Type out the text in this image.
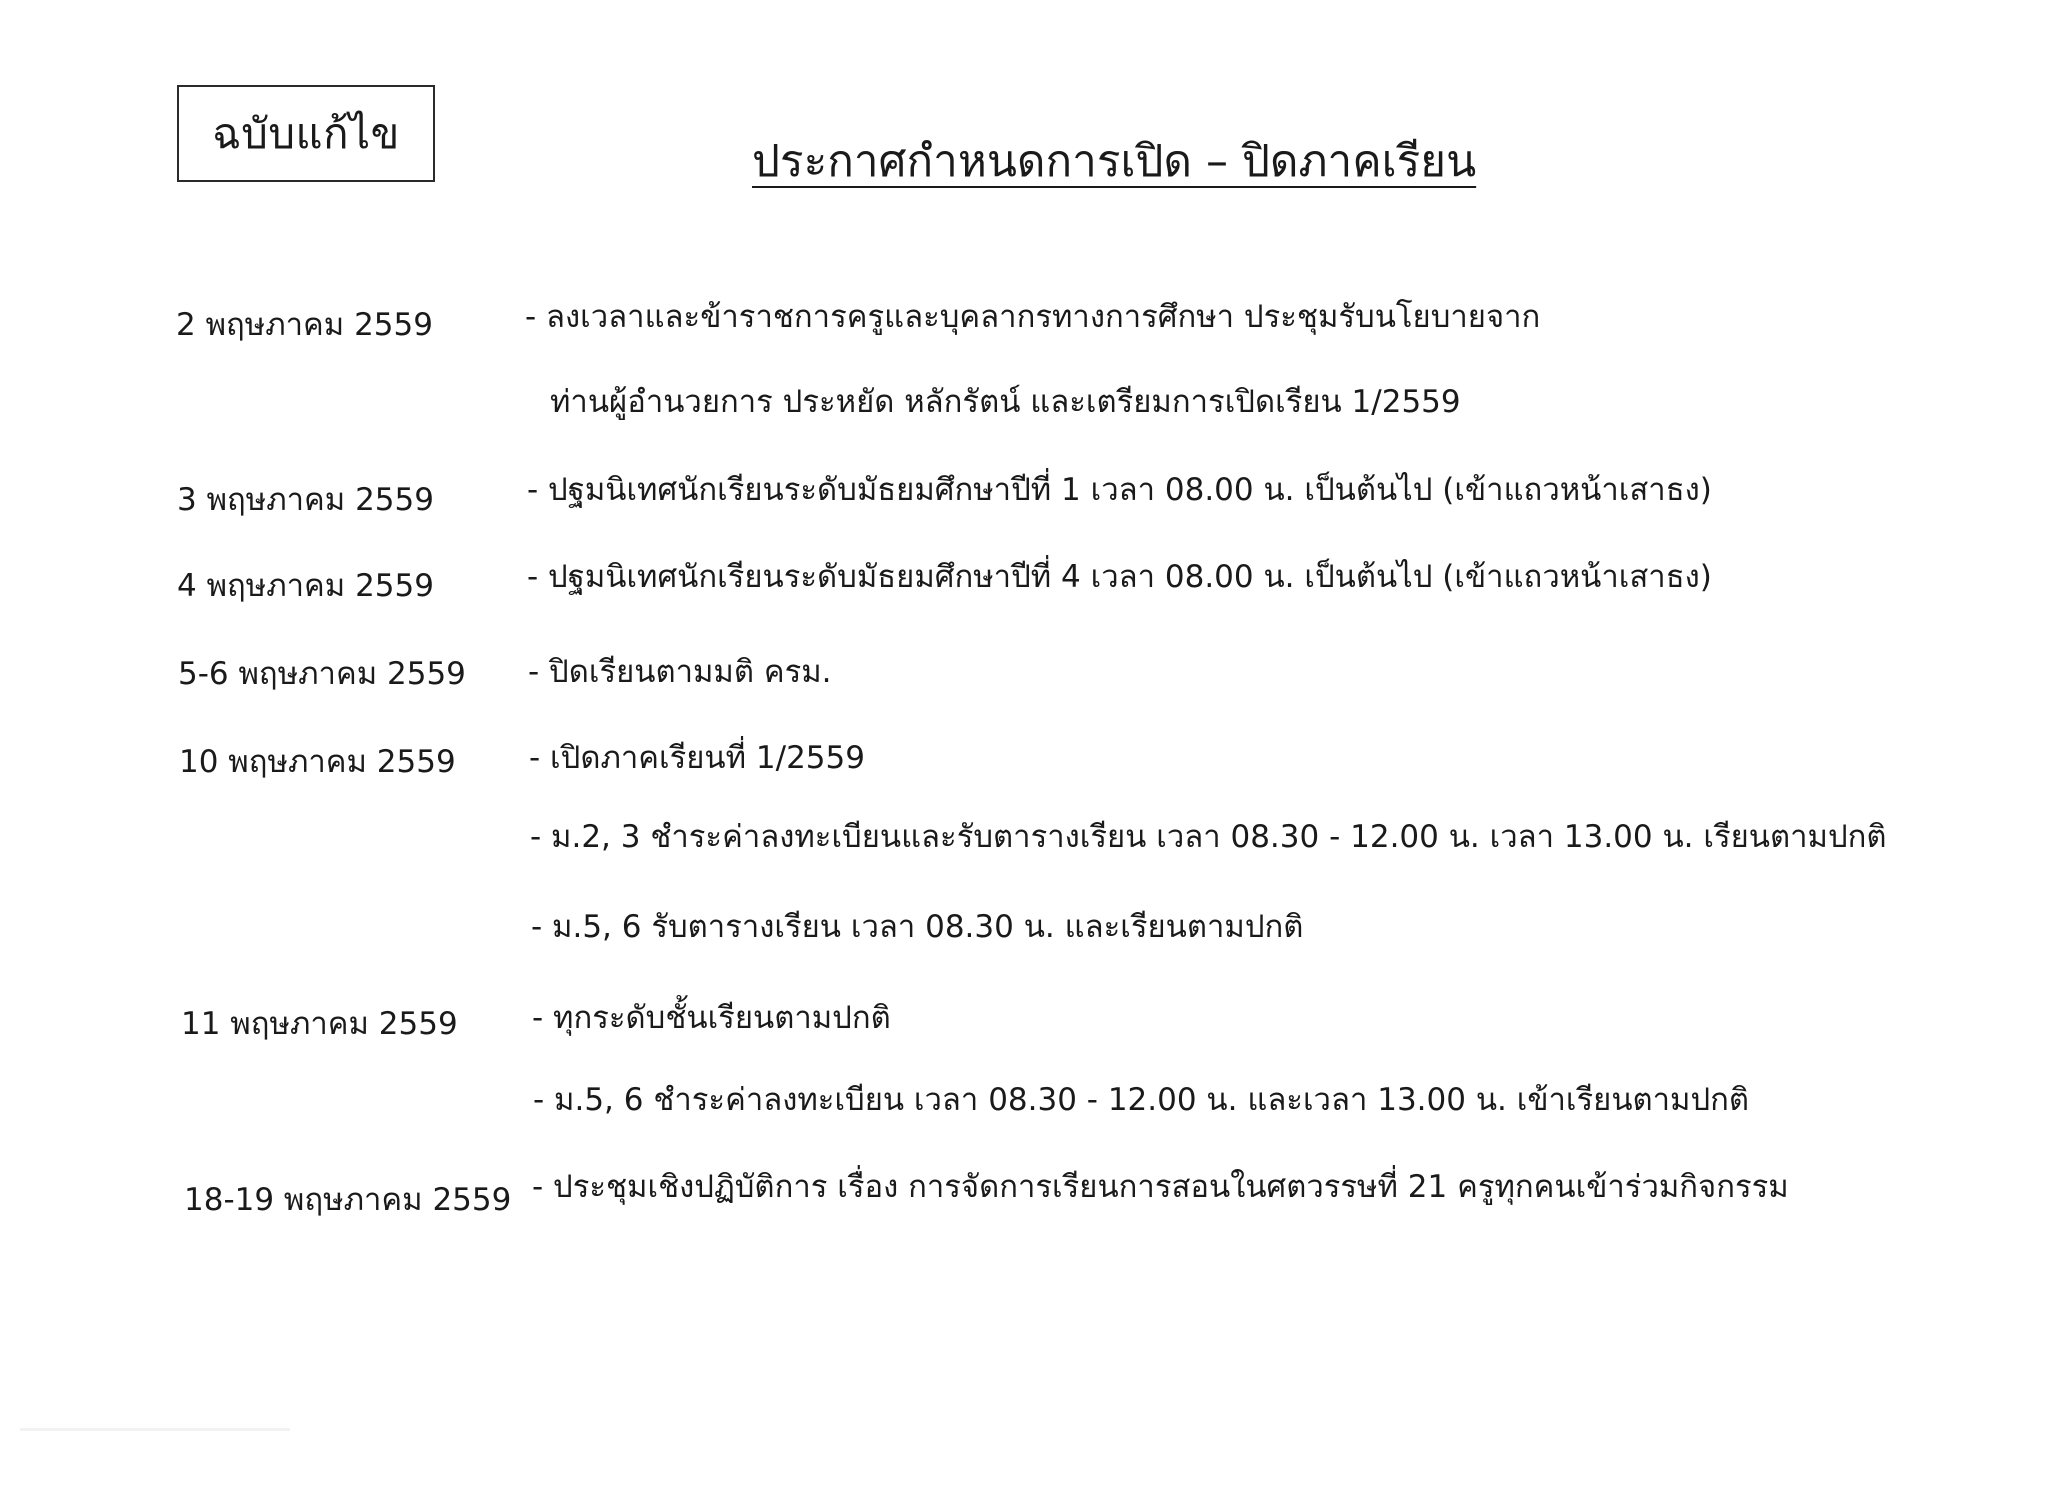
ฉบับแก้ไข
ประกาศกำหนดการเปิด – ปิดภาคเรียน
2 พฤษภาคม 2559
3 พฤษภาคม 2559
4 พฤษภาคม 2559
5-6 พฤษภาคม 2559
10 พฤษภาคม 2559
11 พฤษภาคม 2559
18-19 พฤษภาคม 2559
- ลงเวลาและข้าราชการครูและบุคลากรทางการศึกษา ประชุมรับนโยบายจาก
ท่านผู้อำนวยการ ประหยัด หลักรัตน์ และเตรียมการเปิดเรียน 1/2559
- ปฐมนิเทศนักเรียนระดับมัธยมศึกษาปีที่ 1 เวลา 08.00 น. เป็นต้นไป (เข้าแถวหน้าเสาธง)
- ปฐมนิเทศนักเรียนระดับมัธยมศึกษาปีที่ 4 เวลา 08.00 น. เป็นต้นไป (เข้าแถวหน้าเสาธง)
- ปิดเรียนตามมติ ครม.
- เปิดภาคเรียนที่ 1/2559
- ม.2, 3 ชำระค่าลงทะเบียนและรับตารางเรียน เวลา 08.30 - 12.00 น. เวลา 13.00 น. เรียนตามปกติ
- ม.5, 6 รับตารางเรียน เวลา 08.30 น. และเรียนตามปกติ
- ทุกระดับชั้นเรียนตามปกติ
- ม.5, 6 ชำระค่าลงทะเบียน เวลา 08.30 - 12.00 น. และเวลา 13.00 น. เข้าเรียนตามปกติ
- ประชุมเชิงปฏิบัติการ เรื่อง การจัดการเรียนการสอนในศตวรรษที่ 21 ครูทุกคนเข้าร่วมกิจกรรม
